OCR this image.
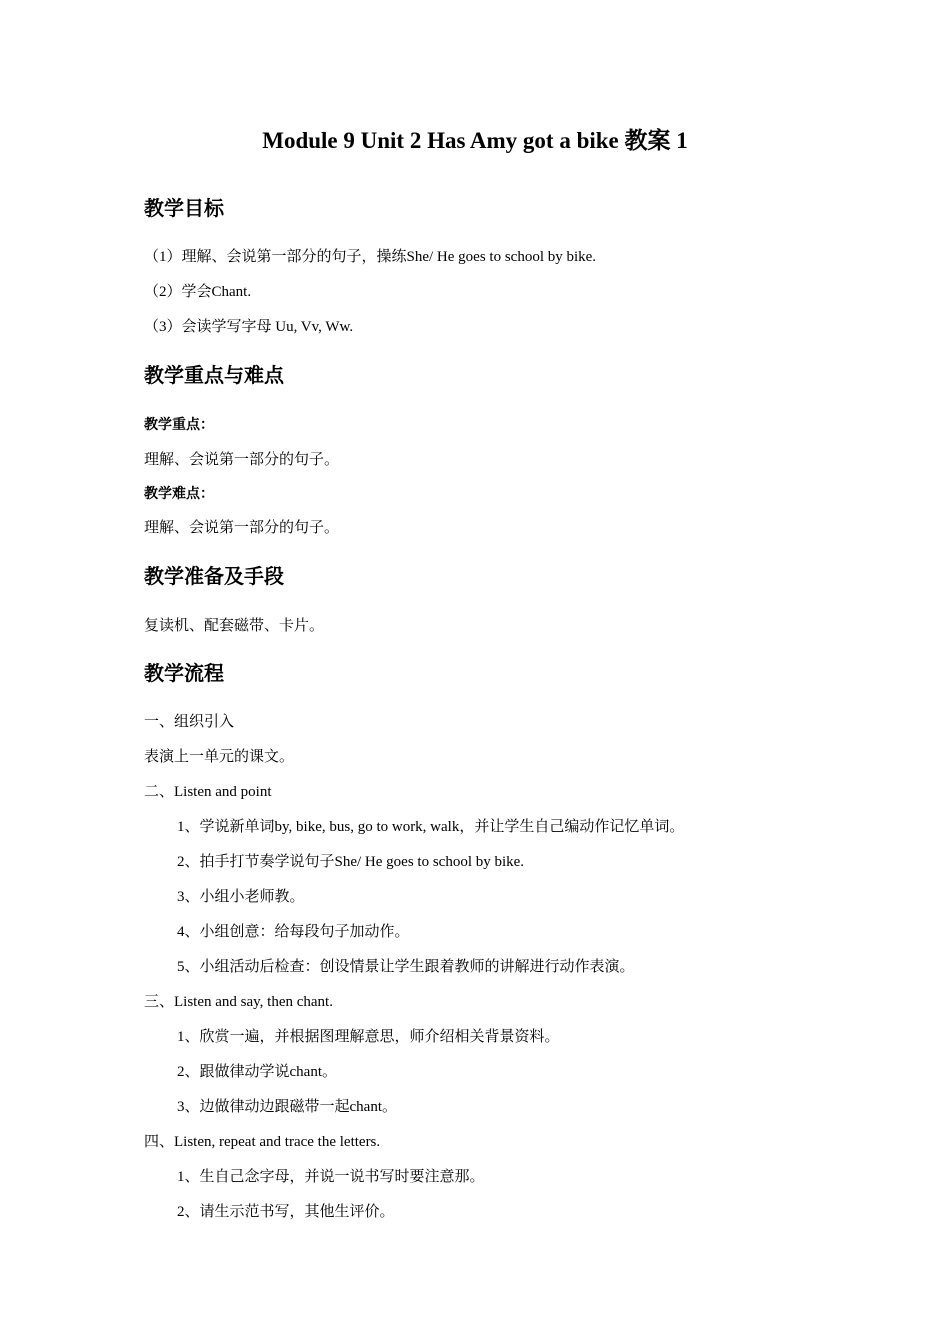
Module 9 Unit 2 Has Amy got a bike 教案 1
教学目标
（1）理解、会说第一部分的句子，操练She/ He goes to school by bike.
（2）学会Chant.
（3）会读学写字母 Uu, Vv, Ww.
教学重点与难点
教学重点：
理解、会说第一部分的句子。
教学难点：
理解、会说第一部分的句子。
教学准备及手段
复读机、配套磁带、卡片。
教学流程
一、组织引入
表演上一单元的课文。
二、Listen and point
1、学说新单词by, bike, bus, go to work, walk，并让学生自己编动作记忆单词。
2、拍手打节奏学说句子She/ He goes to school by bike.
3、小组小老师教。
4、小组创意：给每段句子加动作。
5、小组活动后检查：创设情景让学生跟着教师的讲解进行动作表演。
三、Listen and say, then chant.
1、欣赏一遍，并根据图理解意思，师介绍相关背景资料。
2、跟做律动学说chant。
3、边做律动边跟磁带一起chant。
四、Listen, repeat and trace the letters.
1、生自己念字母，并说一说书写时要注意那。
2、请生示范书写，其他生评价。
